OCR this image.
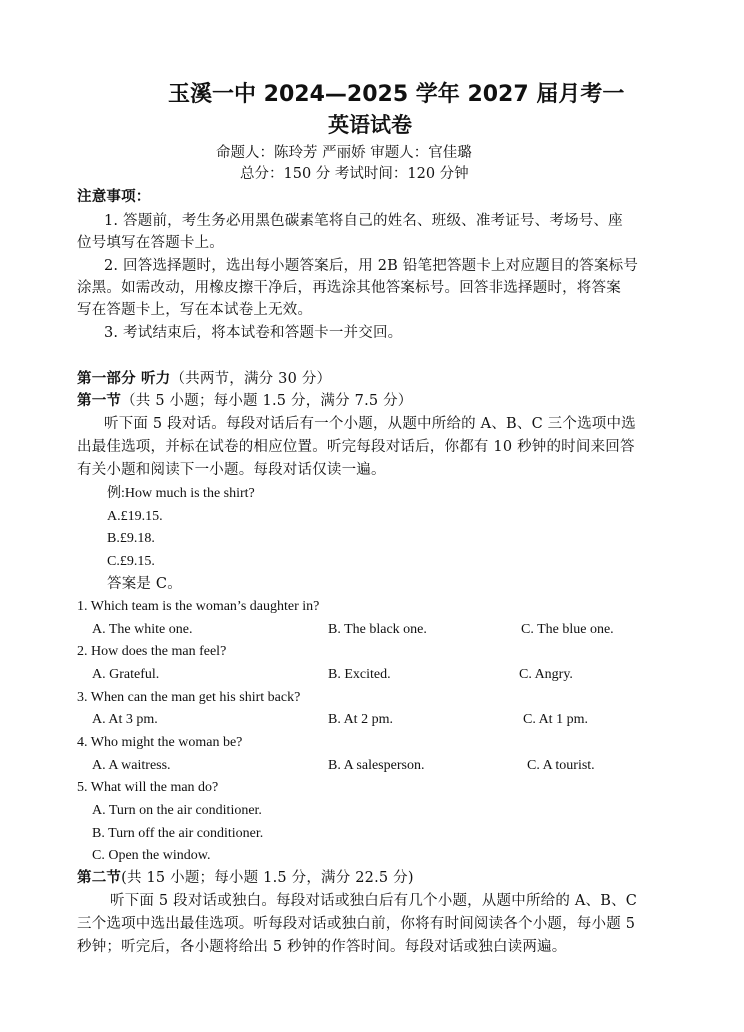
玉溪一中 2024—2025 学年 2027 届月考一
英语试卷
命题人：陈玲芳 严丽娇 审题人：官佳璐
总分：150 分 考试时间：120 分钟
注意事项：
1. 答题前，考生务必用黑色碳素笔将自己的姓名、班级、准考证号、考场号、座
位号填写在答题卡上。
2. 回答选择题时，选出每小题答案后，用 2B 铅笔把答题卡上对应题目的答案标号
涂黑。如需改动，用橡皮擦干净后，再选涂其他答案标号。回答非选择题时，将答案
写在答题卡上，写在本试卷上无效。
3. 考试结束后，将本试卷和答题卡一并交回。
第一部分 听力（共两节，满分 30 分）
第一节（共 5 小题；每小题 1.5 分，满分 7.5 分）
听下面 5 段对话。每段对话后有一个小题，从题中所给的 A、B、C 三个选项中选
出最佳选项，并标在试卷的相应位置。听完每段对话后，你都有 10 秒钟的时间来回答
有关小题和阅读下一小题。每段对话仅读一遍。
例:How much is the shirt?
A.£19.15.
B.£9.18.
C.£9.15.
答案是 C。
1. Which team is the woman’s daughter in?
A. The white one.	B. The black one.	C. The blue one.
2. How does the man feel?
A. Grateful.	B. Excited.	C. Angry.
3. When can the man get his shirt back?
A. At 3 pm.	B. At 2 pm.	C. At 1 pm.
4. Who might the woman be?
A. A waitress.	B. A salesperson.	C. A tourist.
5. What will the man do?
A. Turn on the air conditioner.
B. Turn off the air conditioner.
C. Open the window.
第二节(共 15 小题；每小题 1.5 分，满分 22.5 分)
听下面 5 段对话或独白。每段对话或独白后有几个小题，从题中所给的 A、B、C
三个选项中选出最佳选项。听每段对话或独白前，你将有时间阅读各个小题，每小题 5
秒钟；听完后，各小题将给出 5 秒钟的作答时间。每段对话或独白读两遍。
